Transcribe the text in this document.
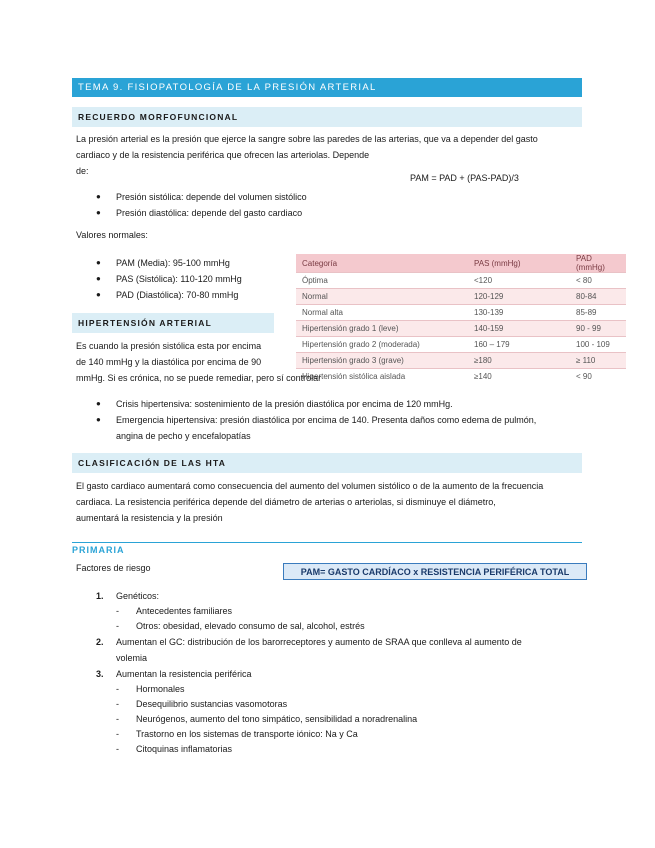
TEMA 9. FISIOPATOLOGÍA DE LA PRESIÓN ARTERIAL
RECUERDO MORFOFUNCIONAL

La presión arterial es la presión que ejerce la sangre sobre las paredes de las arterias, que va a depender del gasto

cardiaco y de la resistencia periférica que ofrecen las arteriolas. Depende

de:

PAM = PAD + (PAS-PAD)/3
●	Presión sistólica: depende del volumen sistólico
●	Presión diastólica: depende del gasto cardiaco
Valores normales:
●	PAM (Media): 95-100 mmHg
●	PAS (Sistólica): 110-120 mmHg
●	PAD (Diastólica): 70-80 mmHg
Categoría	PAS (mmHg)	PAD (mmHg)
Óptima	<120	< 80
Normal	120-129	80-84
Normal alta	130-139	85-89
Hipertensión grado 1 (leve)	140-159	90 - 99
Hipertensión grado 2 (moderada)	160 – 179	100 - 109
Hipertensión grado 3 (grave)	≥180	≥ 110
Hipertensión sistólica aislada	≥140	< 90
HIPERTENSIÓN ARTERIAL

Es cuando la presión sistólica esta por encima

de 140 mmHg y la diastólica por encima de 90

mmHg. Si es crónica, no se puede remediar, pero sí controlar

●	Crisis hipertensiva: sostenimiento de la presión diastólica por encima de 120 mmHg.
●	Emergencia hipertensiva: presión diastólica por encima de 140. Presenta daños como edema de pulmón,
angina de pecho y encefalopatías
CLASIFICACIÓN DE LAS HTA

El gasto cardiaco aumentará como consecuencia del aumento del volumen sistólico o de la aumento de la frecuencia

cardiaca. La resistencia periférica depende del diámetro de arterias o arteriolas, si disminuye el diámetro,

aumentará la resistencia y la presión

PRIMARIA
Factores de riesgo	PAM= GASTO CARDÍACO x RESISTENCIA PERIFÉRICA TOTAL
1.	Genéticos:
-	Antecedentes familiares
-	Otros: obesidad, elevado consumo de sal, alcohol, estrés
2.	Aumentan el GC: distribución de los barorreceptores y aumento de SRAA que conlleva al aumento de
volemia
3.	Aumentan la resistencia periférica
-	Hormonales
-	Desequilibrio sustancias vasomotoras
-	Neurógenos, aumento del tono simpático, sensibilidad a noradrenalina
-	Trastorno en los sistemas de transporte iónico: Na y Ca
-	Citoquinas inflamatorias
